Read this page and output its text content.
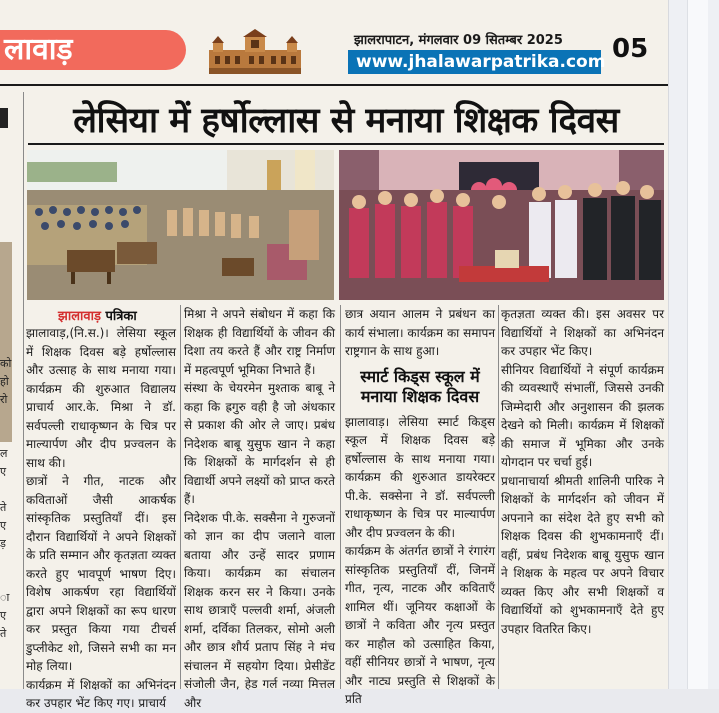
लावाड़	झालरापाटन, मंगलवार 09 सितम्बर 2025
www.jhalawarpatrika.com 05
को
हो
रो
ल
ए
ते
ए
ड़
ा
ए
ते
लेसिया में हर्षोल्लास से मनाया शिक्षक दिवस
झालावाड़ पत्रिका

झालावाड़,(नि.स.)। लेसिया स्कूल में शिक्षक दिवस बड़े हर्षोल्लास और उत्साह के साथ मनाया गया। कार्यक्रम की शुरुआत विद्यालय प्राचार्य आर.के. मिश्रा ने डॉ. सर्वपल्ली राधाकृष्णन के चित्र पर माल्यार्पण और दीप प्रज्वलन के साथ की।

छात्रों ने गीत, नाटक और कविताओं जैसी आकर्षक सांस्कृतिक प्रस्तुतियाँ दीं। इस दौरान विद्यार्थियों ने अपने शिक्षकों के प्रति सम्मान और कृतज्ञता व्यक्त करते हुए भावपूर्ण भाषण दिए। विशेष आकर्षण रहा विद्यार्थियों द्वारा अपने शिक्षकों का रूप धारण कर प्रस्तुत किया गया टीचर्स डुप्लीकेट शो, जिसने सभी का मन मोह लिया।

कार्यक्रम में शिक्षकों का अभिनंदन कर उपहार भेंट किए गए। प्राचार्य

मिश्रा ने अपने संबोधन में कहा कि शिक्षक ही विद्यार्थियों के जीवन की दिशा तय करते हैं और राष्ट्र निर्माण में महत्वपूर्ण भूमिका निभाते हैं।

संस्था के चेयरमेन मुश्ताक बाबू ने कहा कि ह्रगुरु वही है जो अंधकार से प्रकाश की ओर ले जाए। प्रबंध निदेशक बाबू युसुफ खान ने कहा कि शिक्षकों के मार्गदर्शन से ही विद्यार्थी अपने लक्ष्यों को प्राप्त करते हैं।

निदेशक पी.के. सक्सैना ने गुरुजनों को ज्ञान का दीप जलाने वाला बताया और उन्हें सादर प्रणाम किया। कार्यक्रम का संचालन शिक्षक करन सर ने किया। उनके साथ छात्राएँ पल्लवी शर्मा, अंजली शर्मा, दर्विका तिलकर, सोमो अली और छात्र शौर्य प्रताप सिंह ने मंच संचालन में सहयोग दिया। प्रेसीडेंट संजोली जैन, हेड गर्ल नव्या मित्तल और

छात्र अयान आलम ने प्रबंधन का कार्य संभाला। कार्यक्रम का समापन राष्ट्रगान के साथ हुआ।

स्मार्ट किड्स स्कूल में मनाया शिक्षक दिवस

झालावाड़। लेसिया स्मार्ट किड्स स्कूल में शिक्षक दिवस बड़े हर्षोल्लास के साथ मनाया गया। कार्यक्रम की शुरुआत डायरेक्टर पी.के. सक्सेना ने डॉ. सर्वपल्ली राधाकृष्णन के चित्र पर माल्यार्पण और दीप प्रज्वलन के की।

कार्यक्रम के अंतर्गत छात्रों ने रंगारंग सांस्कृतिक प्रस्तुतियाँ दीं, जिनमें गीत, नृत्य, नाटक और कविताएँ शामिल थीं। जूनियर कक्षाओं के छात्रों ने कविता और नृत्य प्रस्तुत कर माहौल को उत्साहित किया, वहीं सीनियर छात्रों ने भाषण, नृत्य और नाट्य प्रस्तुति से शिक्षकों के प्रति

कृतज्ञता व्यक्त की। इस अवसर पर विद्यार्थियों ने शिक्षकों का अभिनंदन कर उपहार भेंट किए।

सीनियर विद्यार्थियों ने संपूर्ण कार्यक्रम की व्यवस्थाएँ संभालीं, जिससे उनकी जिम्मेदारी और अनुशासन की झलक देखने को मिली। कार्यक्रम में शिक्षकों की समाज में भूमिका और उनके योगदान पर चर्चा हुई।

प्रधानाचार्या श्रीमती शालिनी पारिक ने शिक्षकों के मार्गदर्शन को जीवन में अपनाने का संदेश देते हुए सभी को शिक्षक दिवस की शुभकामनाएँ दीं। वहीं, प्रबंध निदेशक बाबू युसुफ खान ने शिक्षक के महत्व पर अपने विचार व्यक्त किए और सभी शिक्षकों व विद्यार्थियों को शुभकामनाएँ देते हुए उपहार वितरित किए।
